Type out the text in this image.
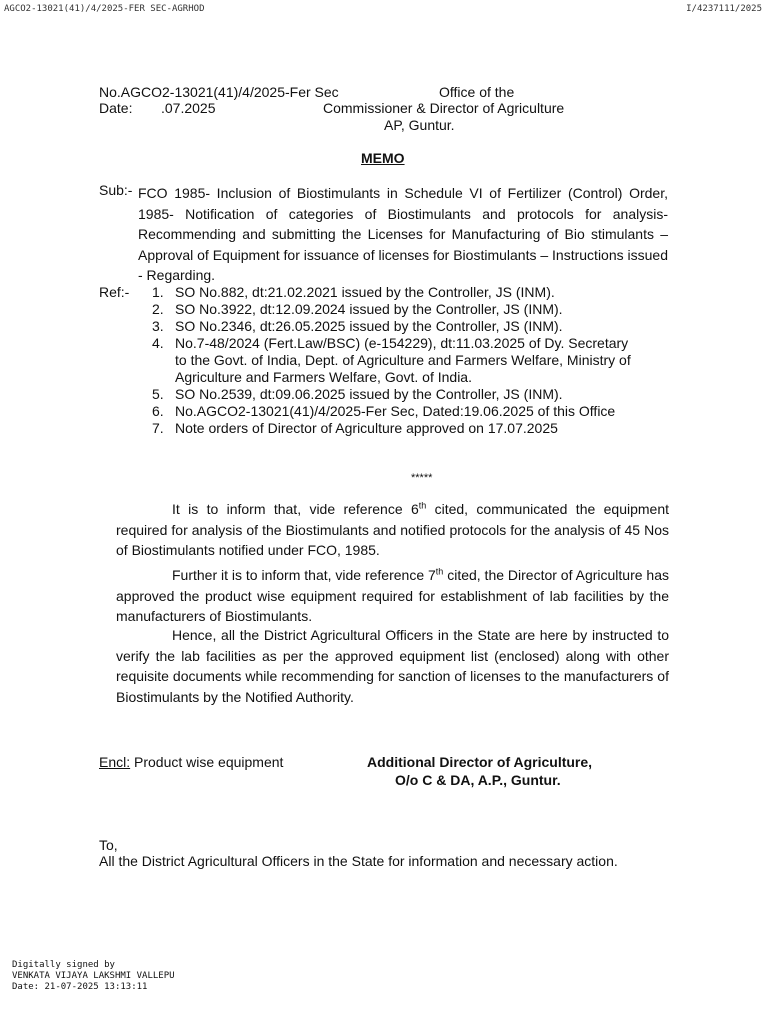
AGCO2-13021(41)/4/2025-FER SEC-AGRHOD	I/4237111/2025
No.AGCO2-13021(41)/4/2025-Fer Sec	Office of the
Date: .07.2025	Commissioner & Director of Agriculture
AP, Guntur.
MEMO
Sub:- FCO 1985- Inclusion of Biostimulants in Schedule VI of Fertilizer (Control) Order, 1985- Notification of categories of Biostimulants and protocols for analysis- Recommending and submitting the Licenses for Manufacturing of Bio stimulants – Approval of Equipment for issuance of licenses for Biostimulants – Instructions issued - Regarding.
Ref:- 1. SO No.882, dt:21.02.2021 issued by the Controller, JS (INM).
2. SO No.3922, dt:12.09.2024 issued by the Controller, JS (INM).
3. SO No.2346, dt:26.05.2025 issued by the Controller, JS (INM).
4. No.7-48/2024 (Fert.Law/BSC) (e-154229), dt:11.03.2025 of Dy. Secretary to the Govt. of India, Dept. of Agriculture and Farmers Welfare, Ministry of Agriculture and Farmers Welfare, Govt. of India.
5. SO No.2539, dt:09.06.2025 issued by the Controller, JS (INM).
6. No.AGCO2-13021(41)/4/2025-Fer Sec, Dated:19.06.2025 of this Office
7. Note orders of Director of Agriculture approved on 17.07.2025
*****

It is to inform that, vide reference 6th cited, communicated the equipment required for analysis of the Biostimulants and notified protocols for the analysis of 45 Nos of Biostimulants notified under FCO, 1985.

Further it is to inform that, vide reference 7th cited, the Director of Agriculture has approved the product wise equipment required for establishment of lab facilities by the manufacturers of Biostimulants.

Hence, all the District Agricultural Officers in the State are here by instructed to verify the lab facilities as per the approved equipment list (enclosed) along with other requisite documents while recommending for sanction of licenses to the manufacturers of Biostimulants by the Notified Authority.

Encl: Product wise equipment	Additional Director of Agriculture,
O/o C & DA, A.P., Guntur.
To,
All the District Agricultural Officers in the State for information and necessary action.
Digitally signed by
VENKATA VIJAYA LAKSHMI VALLEPU
Date: 21-07-2025 13:13:11
